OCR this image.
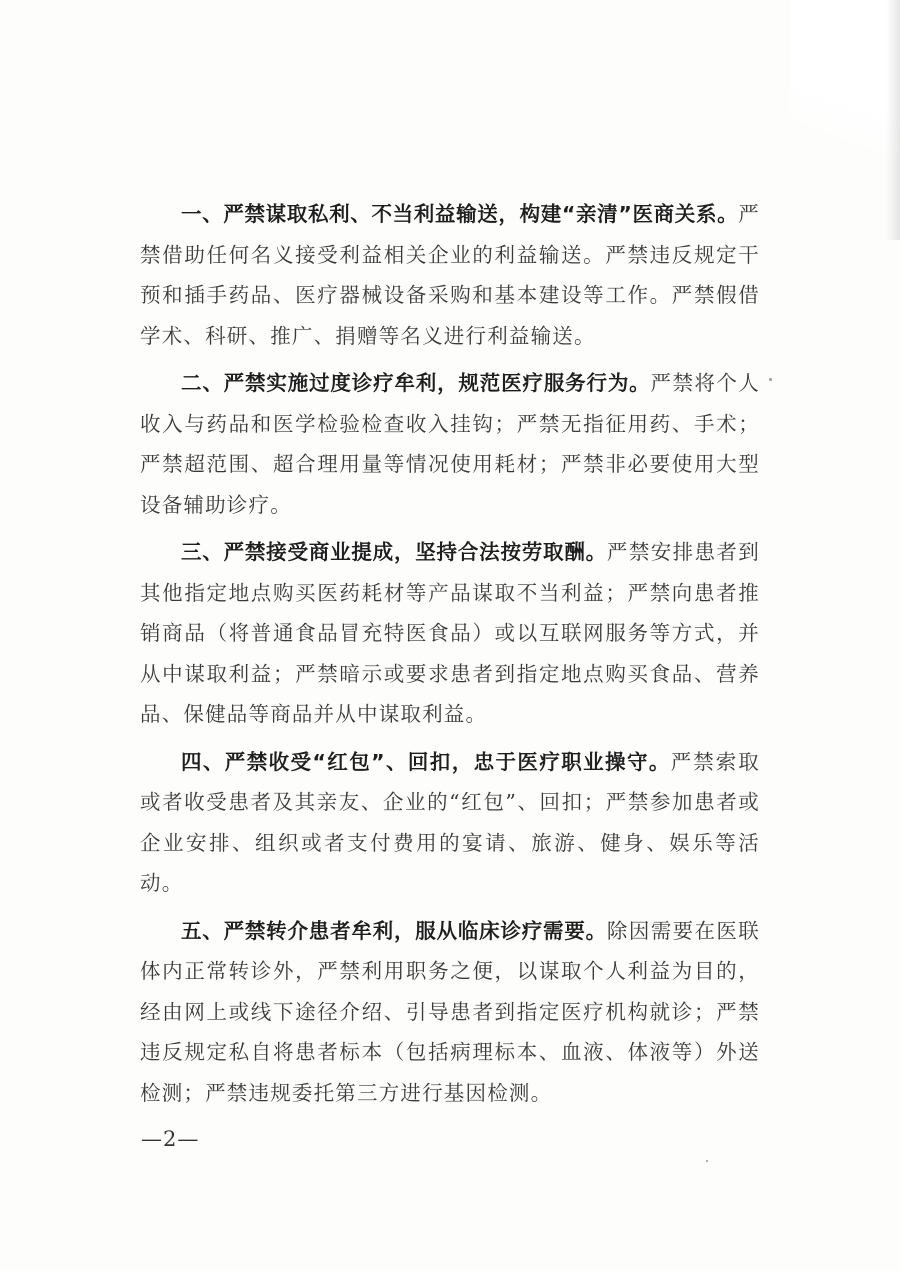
一、严禁谋取私利、不当利益输送，构建“亲清”医商关系。严禁借助任何名义接受利益相关企业的利益输送。严禁违反规定干预和插手药品、医疗器械设备采购和基本建设等工作。严禁假借学术、科研、推广、捐赠等名义进行利益输送。

二、严禁实施过度诊疗牟利，规范医疗服务行为。严禁将个人收入与药品和医学检验检查收入挂钩；严禁无指征用药、手术；严禁超范围、超合理用量等情况使用耗材；严禁非必要使用大型设备辅助诊疗。

三、严禁接受商业提成，坚持合法按劳取酬。严禁安排患者到其他指定地点购买医药耗材等产品谋取不当利益；严禁向患者推销商品（将普通食品冒充特医食品）或以互联网服务等方式，并从中谋取利益；严禁暗示或要求患者到指定地点购买食品、营养品、保健品等商品并从中谋取利益。

四、严禁收受“红包”、回扣，忠于医疗职业操守。严禁索取或者收受患者及其亲友、企业的“红包”、回扣；严禁参加患者或企业安排、组织或者支付费用的宴请、旅游、健身、娱乐等活动。

五、严禁转介患者牟利，服从临床诊疗需要。除因需要在医联体内正常转诊外，严禁利用职务之便，以谋取个人利益为目的，经由网上或线下途径介绍、引导患者到指定医疗机构就诊；严禁违反规定私自将患者标本（包括病理标本、血液、体液等）外送检测；严禁违规委托第三方进行基因检测。

—2—
